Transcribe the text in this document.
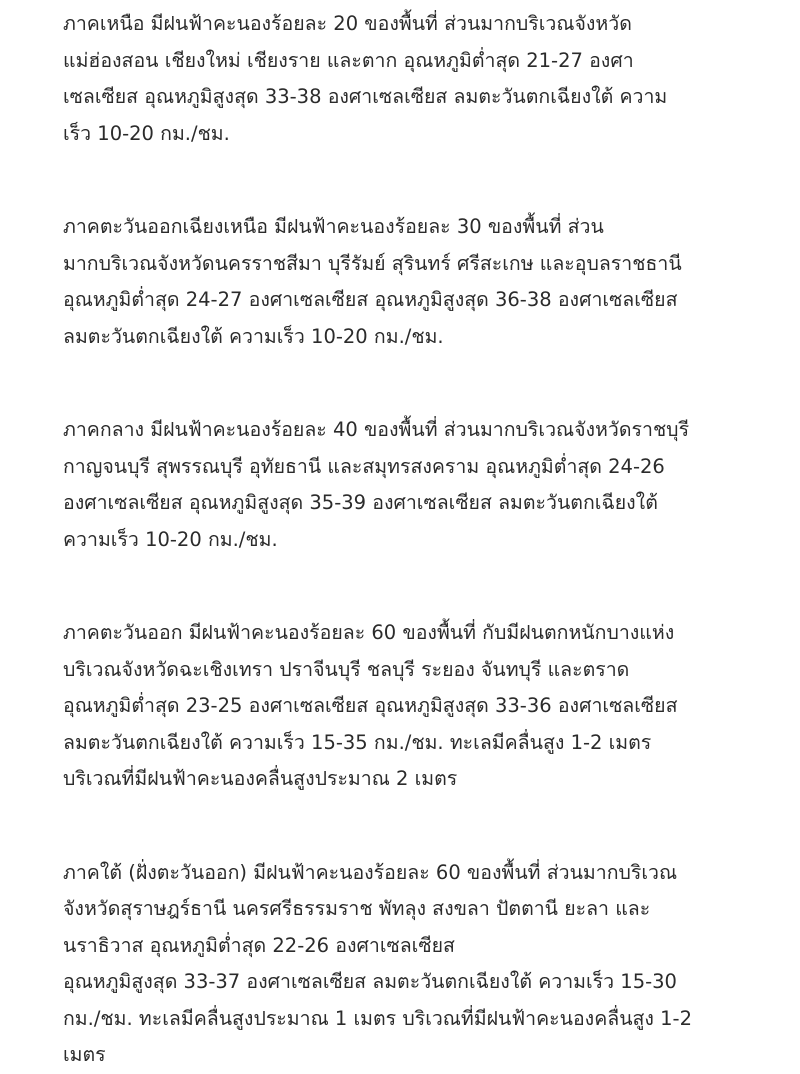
ภาคเหนือ มีฝนฟ้าคะนองร้อยละ 20 ของพื้นที่ ส่วนมากบริเวณจังหวัด
แม่ฮ่องสอน เชียงใหม่ เชียงราย และตาก อุณหภูมิต่ำสุด 21-27 องศา
เซลเซียส อุณหภูมิสูงสุด 33-38 องศาเซลเซียส ลมตะวันตกเฉียงใต้ ความ
เร็ว 10-20 กม./ชม.

ภาคตะวันออกเฉียงเหนือ มีฝนฟ้าคะนองร้อยละ 30 ของพื้นที่ ส่วน
มากบริเวณจังหวัดนครราชสีมา บุรีรัมย์ สุรินทร์ ศรีสะเกษ และอุบลราชธานี
อุณหภูมิต่ำสุด 24-27 องศาเซลเซียส อุณหภูมิสูงสุด 36-38 องศาเซลเซียส
ลมตะวันตกเฉียงใต้ ความเร็ว 10-20 กม./ชม.

ภาคกลาง มีฝนฟ้าคะนองร้อยละ 40 ของพื้นที่ ส่วนมากบริเวณจังหวัดราชบุรี
กาญจนบุรี สุพรรณบุรี อุทัยธานี และสมุทรสงคราม อุณหภูมิต่ำสุด 24-26
องศาเซลเซียส อุณหภูมิสูงสุด 35-39 องศาเซลเซียส ลมตะวันตกเฉียงใต้
ความเร็ว 10-20 กม./ชม.

ภาคตะวันออก มีฝนฟ้าคะนองร้อยละ 60 ของพื้นที่ กับมีฝนตกหนักบางแห่ง
บริเวณจังหวัดฉะเชิงเทรา ปราจีนบุรี ชลบุรี ระยอง จันทบุรี และตราด
อุณหภูมิต่ำสุด 23-25 องศาเซลเซียส อุณหภูมิสูงสุด 33-36 องศาเซลเซียส
ลมตะวันตกเฉียงใต้ ความเร็ว 15-35 กม./ชม. ทะเลมีคลื่นสูง 1-2 เมตร
บริเวณที่มีฝนฟ้าคะนองคลื่นสูงประมาณ 2 เมตร

ภาคใต้ (ฝั่งตะวันออก) มีฝนฟ้าคะนองร้อยละ 60 ของพื้นที่ ส่วนมากบริเวณ
จังหวัดสุราษฎร์ธานี นครศรีธรรมราช พัทลุง สงขลา ปัตตานี ยะลา และ
นราธิวาส อุณหภูมิต่ำสุด 22-26 องศาเซลเซียส
อุณหภูมิสูงสุด 33-37 องศาเซลเซียส ลมตะวันตกเฉียงใต้ ความเร็ว 15-30
กม./ชม. ทะเลมีคลื่นสูงประมาณ 1 เมตร บริเวณที่มีฝนฟ้าคะนองคลื่นสูง 1-2
เมตร
